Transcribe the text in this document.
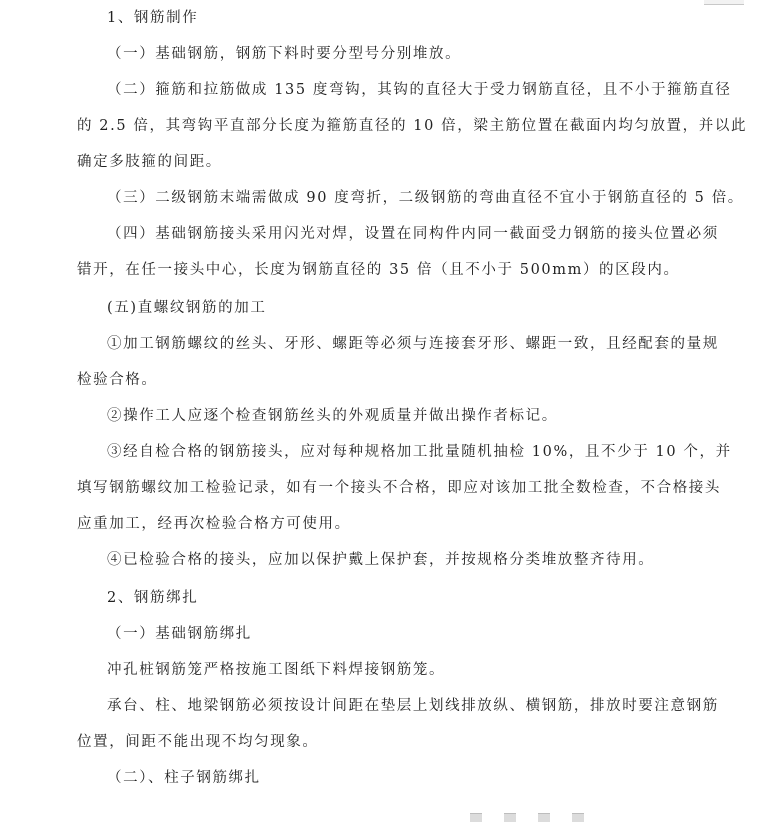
1、钢筋制作
（一）基础钢筋，钢筋下料时要分型号分别堆放。
（二）箍筋和拉筋做成 135 度弯钩，其钩的直径大于受力钢筋直径，且不小于箍筋直径
的 2.5 倍，其弯钩平直部分长度为箍筋直径的 10 倍，梁主筋位置在截面内均匀放置，并以此
确定多肢箍的间距。
（三）二级钢筋末端需做成 90 度弯折，二级钢筋的弯曲直径不宜小于钢筋直径的 5 倍。
（四）基础钢筋接头采用闪光对焊，设置在同构件内同一截面受力钢筋的接头位置必须
错开，在任一接头中心，长度为钢筋直径的 35 倍（且不小于 500mm）的区段内。
(五)直螺纹钢筋的加工
①加工钢筋螺纹的丝头、牙形、螺距等必须与连接套牙形、螺距一致，且经配套的量规
检验合格。
②操作工人应逐个检查钢筋丝头的外观质量并做出操作者标记。
③经自检合格的钢筋接头，应对每种规格加工批量随机抽检 10%，且不少于 10 个，并
填写钢筋螺纹加工检验记录，如有一个接头不合格，即应对该加工批全数检查，不合格接头
应重加工，经再次检验合格方可使用。
④已检验合格的接头，应加以保护戴上保护套，并按规格分类堆放整齐待用。
2、钢筋绑扎
（一）基础钢筋绑扎
冲孔桩钢筋笼严格按施工图纸下料焊接钢筋笼。
承台、柱、地梁钢筋必须按设计间距在垫层上划线排放纵、横钢筋，排放时要注意钢筋
位置，间距不能出现不均匀现象。
（二）、柱子钢筋绑扎
